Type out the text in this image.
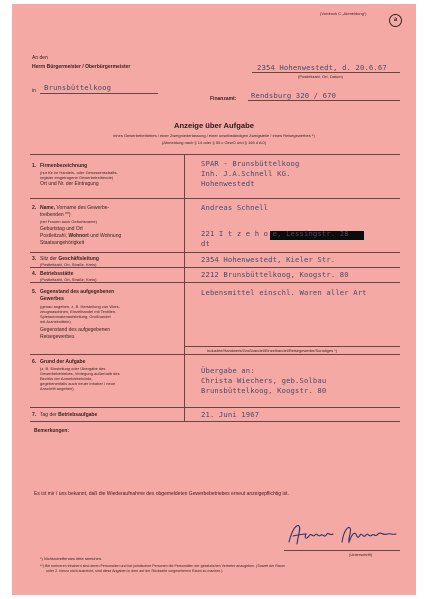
(Vordruck C „Abmeldung“)
a
An den
Herrn Bürgermeister / Oberbürgermeister
in Brunsbüttelkoog
2354 Hohenwestedt, d. 20.6.67
(Postleitzahl, Ort, Datum)
Finanzamt: Rendsburg 320 / 670
Anzeige über Aufgabe
eines Gewerbebetriebes / einer Zweigniederlassung / einer unselbständigen Zweigstelle / eines Reisegewerbes *)
(Abmeldung nach § 14 oder § 55 c GewO und § 165 d AO)
1. Firmenbezeichnung
(nur für im Handels- oder Genossenschafts-
register eingetragene Gewerbetreibende)
Ort und Nr. der Eintragung
SPAR - Brunsbüttelkoog
Inh. J.A.Schnell KG.
Hohenwestedt
2. Name, Vorname des Gewerbe-
treibenden **)
(bei Frauen auch Geburtsname)
Geburtstag und Ort
Postleitzahl, Wohnort und Wohnung
Staatsangehörigkeit
Andreas Schnell
221 I t z e h o e, Lessingstr. 28
dt
3. Sitz der Geschäftsleitung
(Postleitzahl, Ort, Straße, Kreis)
2354 Hohenwestedt, Kieler Str.
4. Betriebsstätte
(Postleitzahl, Ort, Straße, Kreis)
2212 Brunsbüttelkoog, Koogstr. 80
5. Gegenstand des aufgegebenen
Gewerbes
(genau angeben, z. B. Herstellung von Werk-
zeugmaschinen, Einzelhandel mit Textilien,
Spielautomatenaufstellung, Großhandel
mit Arzneimitteln)
Gegenstand des aufgegebenen
Reisegewerbes
Lebensmittel einschl. Waren aller Art
Industrie/Handwerk/Großhandel/Einzelhandel/Reisegewerbe/Sonstiges *)
6. Grund der Aufgabe
(z. B. Einstellung oder Übergabe des
Gewerbebetriebes, Verlegung außerhalb des
Bezirks der Anmeldebehörde,
gegebenenfalls auch neuer Inhaber / neue
Anschrift angeben)
Übergabe an:
Christa Wiechers, geb.Solbau
Brunsbüttelkoog, Koogstr. 80
7. Tag der Betriebsaufgabe	21. Juni 1967
Bemerkungen:
Es ist mir / uns bekannt, daß die Wiederaufnahme des obgemeldeten Gewerbebetriebes erneut anzeigepflichtig ist.
(Unterschrift)
*) Nichtzutreffendes bitte streichen.
**) Bei mehreren Inhabern sind deren Personalien und bei juristischen Personen die Personalien der gesetzlichen Vertreter anzugeben. (Soweit der Raum
unter 2. hierzu nicht ausreicht, sind diese Angaben in dem auf der Rückseite vorgesehenen Raum zu machen.)
